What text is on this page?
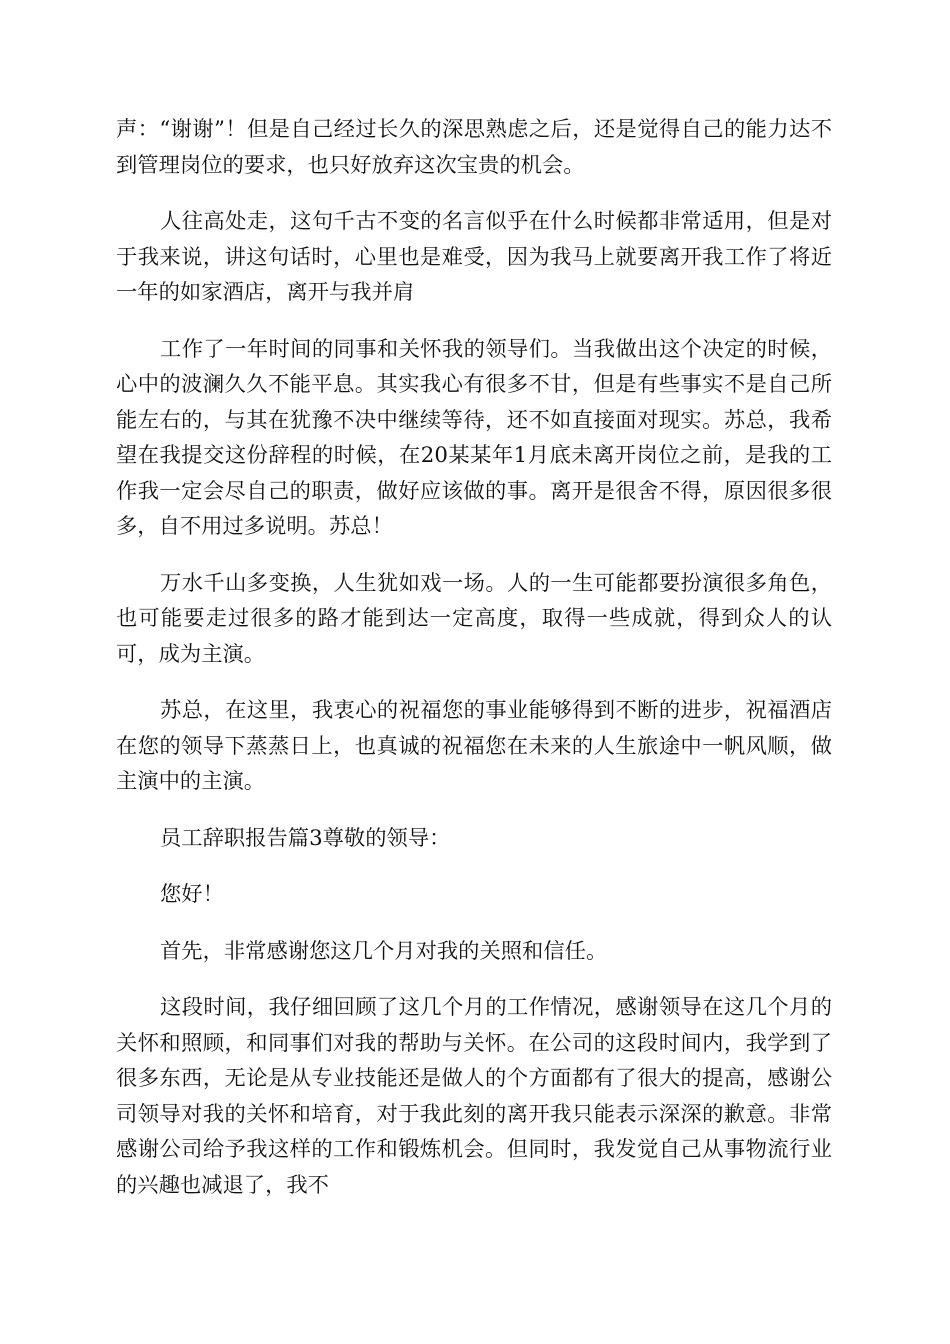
声：“谢谢”！但是自己经过长久的深思熟虑之后，还是觉得自己的能力达不到管理岗位的要求，也只好放弃这次宝贵的机会。

人往高处走，这句千古不变的名言似乎在什么时候都非常适用，但是对于我来说，讲这句话时，心里也是难受，因为我马上就要离开我工作了将近一年的如家酒店，离开与我并肩

工作了一年时间的同事和关怀我的领导们。当我做出这个决定的时候，心中的波澜久久不能平息。其实我心有很多不甘，但是有些事实不是自己所能左右的，与其在犹豫不决中继续等待，还不如直接面对现实。苏总，我希望在我提交这份辞程的时候，在20某某年1月底未离开岗位之前，是我的工作我一定会尽自己的职责，做好应该做的事。离开是很舍不得，原因很多很多，自不用过多说明。苏总！

万水千山多变换，人生犹如戏一场。人的一生可能都要扮演很多角色，也可能要走过很多的路才能到达一定高度，取得一些成就，得到众人的认可，成为主演。

苏总，在这里，我衷心的祝福您的事业能够得到不断的进步，祝福酒店在您的领导下蒸蒸日上，也真诚的祝福您在未来的人生旅途中一帆风顺，做主演中的主演。

员工辞职报告篇3尊敬的领导：

您好！

首先，非常感谢您这几个月对我的关照和信任。

这段时间，我仔细回顾了这几个月的工作情况，感谢领导在这几个月的关怀和照顾，和同事们对我的帮助与关怀。在公司的这段时间内，我学到了很多东西，无论是从专业技能还是做人的个方面都有了很大的提高，感谢公司领导对我的关怀和培育，对于我此刻的离开我只能表示深深的歉意。非常感谢公司给予我这样的工作和锻炼机会。但同时，我发觉自己从事物流行业的兴趣也减退了，我不
